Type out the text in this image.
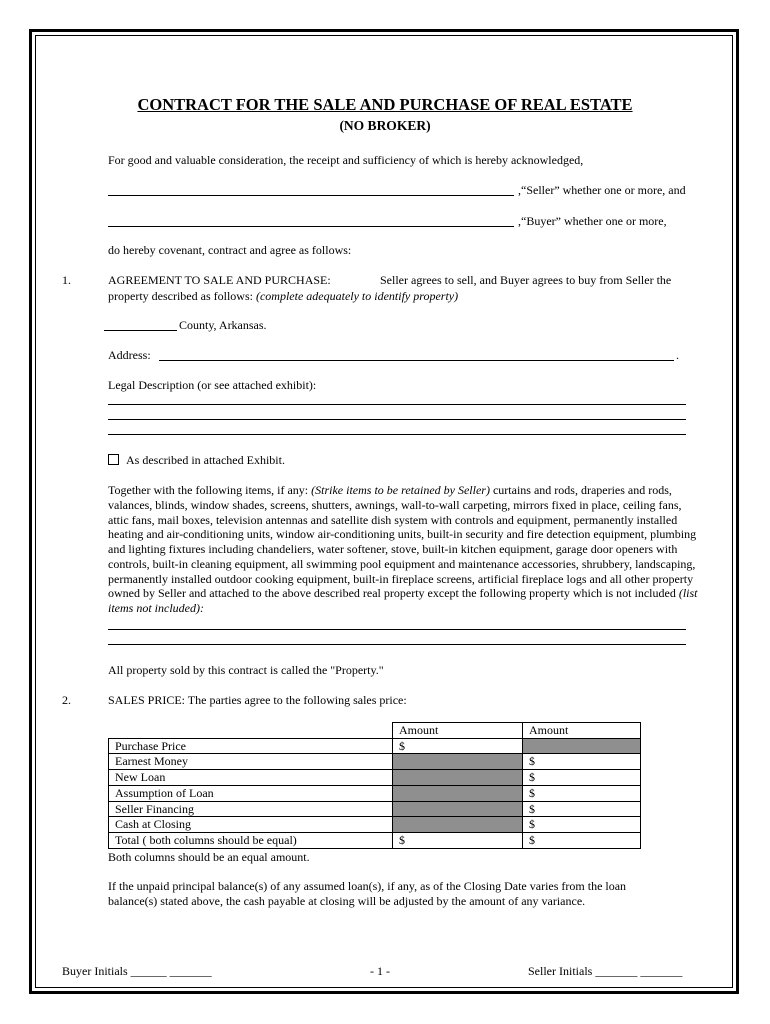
CONTRACT FOR THE SALE AND PURCHASE OF REAL ESTATE
(NO BROKER)
For good and valuable consideration, the receipt and sufficiency of which is hereby acknowledged,
,“Seller” whether one or more, and
,“Buyer” whether one or more,
do hereby covenant, contract and agree as follows:
1.	AGREEMENT TO SALE AND PURCHASE:	Seller agrees to sell, and Buyer agrees to buy from Seller the
property described as follows: (complete adequately to identify property)
County, Arkansas.
Address:	.
Legal Description (or see attached exhibit):
As described in attached Exhibit.
Together with the following items, if any: (Strike items to be retained by Seller) curtains and rods, draperies and rods, valances, blinds, window shades, screens, shutters, awnings, wall-to-wall carpeting, mirrors fixed in place, ceiling fans, attic fans, mail boxes, television antennas and satellite dish system with controls and equipment, permanently installed heating and air-conditioning units, window air-conditioning units, built-in security and fire detection equipment, plumbing and lighting fixtures including chandeliers, water softener, stove, built-in kitchen equipment, garage door openers with controls, built-in cleaning equipment, all swimming pool equipment and maintenance accessories, shrubbery, landscaping, permanently installed outdoor cooking equipment, built-in fireplace screens, artificial fireplace logs and all other property owned by Seller and attached to the above described real property except the following property which is not included (list items not included):
All property sold by this contract is called the "Property."
2.	SALES PRICE: The parties agree to the following sales price:
	Amount	Amount
Purchase Price	$	
Earnest Money		$
New Loan		$
Assumption of Loan		$
Seller Financing		$
Cash at Closing		$
Total ( both columns should be equal)	$	$
Both columns should be an equal amount.
If the unpaid principal balance(s) of any assumed loan(s), if any, as of the Closing Date varies from the loan balance(s) stated above, the cash payable at closing will be adjusted by the amount of any variance.
Buyer Initials ______ _______	- 1 -	Seller Initials _______ _______
